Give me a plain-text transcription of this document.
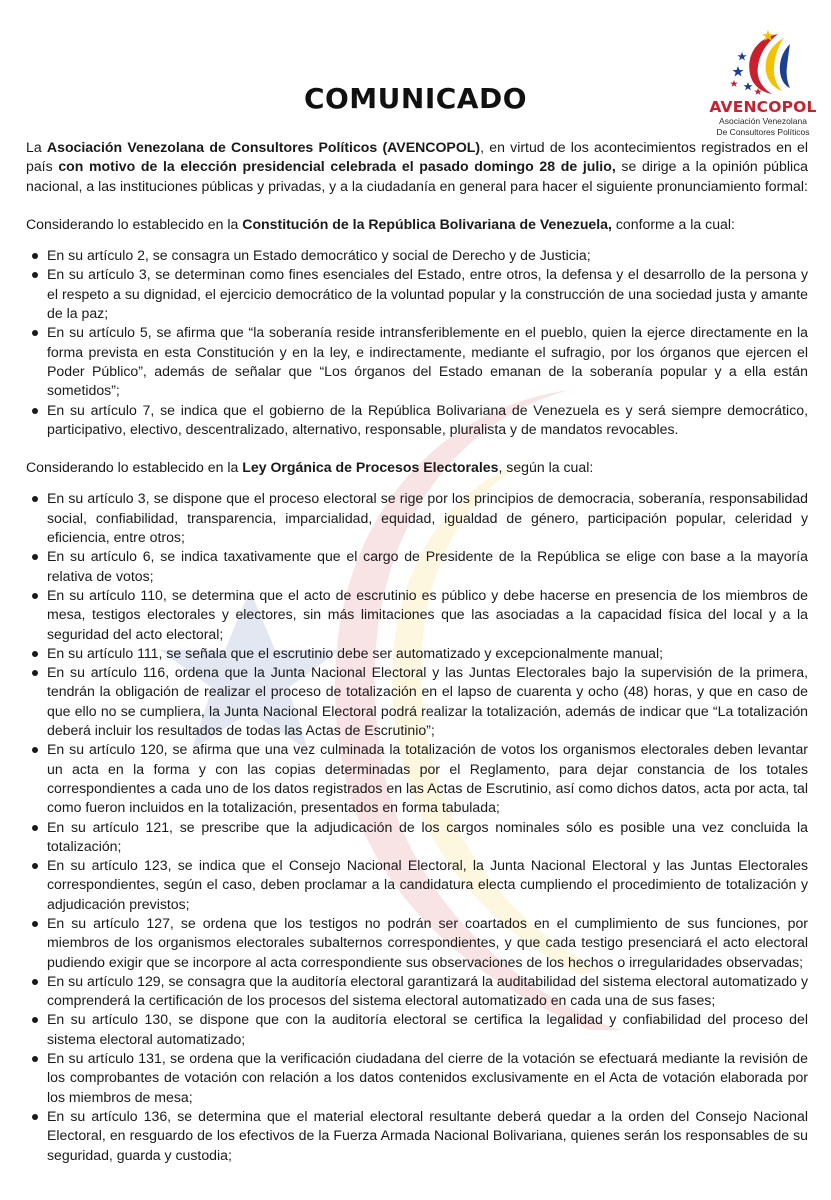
AVENCOPOL
Asociación Venezolana
De Consultores Políticos
COMUNICADO

La Asociación Venezolana de Consultores Políticos (AVENCOPOL), en virtud de los acontecimientos registrados en el país con motivo de la elección presidencial celebrada el pasado domingo 28 de julio, se dirige a la opinión pública nacional, a las instituciones públicas y privadas, y a la ciudadanía en general para hacer el siguiente pronunciamiento formal:

Considerando lo establecido en la Constitución de la República Bolivariana de Venezuela, conforme a la cual:

En su artículo 2, se consagra un Estado democrático y social de Derecho y de Justicia;
En su artículo 3, se determinan como fines esenciales del Estado, entre otros, la defensa y el desarrollo de la persona y el respeto a su dignidad, el ejercicio democrático de la voluntad popular y la construcción de una sociedad justa y amante de la paz;
En su artículo 5, se afirma que “la soberanía reside intransferiblemente en el pueblo, quien la ejerce directamente en la forma prevista en esta Constitución y en la ley, e indirectamente, mediante el sufragio, por los órganos que ejercen el Poder Público”, además de señalar que “Los órganos del Estado emanan de la soberanía popular y a ella están sometidos”;
En su artículo 7, se indica que el gobierno de la República Bolivariana de Venezuela es y será siempre democrático, participativo, electivo, descentralizado, alternativo, responsable, pluralista y de mandatos revocables.

Considerando lo establecido en la Ley Orgánica de Procesos Electorales, según la cual:

En su artículo 3, se dispone que el proceso electoral se rige por los principios de democracia, soberanía, responsabilidad social, confiabilidad, transparencia, imparcialidad, equidad, igualdad de género, participación popular, celeridad y eficiencia, entre otros;
En su artículo 6, se indica taxativamente que el cargo de Presidente de la República se elige con base a la mayoría relativa de votos;
En su artículo 110, se determina que el acto de escrutinio es público y debe hacerse en presencia de los miembros de mesa, testigos electorales y electores, sin más limitaciones que las asociadas a la capacidad física del local y a la seguridad del acto electoral;
En su artículo 111, se señala que el escrutinio debe ser automatizado y excepcionalmente manual;
En su artículo 116, ordena que la Junta Nacional Electoral y las Juntas Electorales bajo la supervisión de la primera, tendrán la obligación de realizar el proceso de totalización en el lapso de cuarenta y ocho (48) horas, y que en caso de que ello no se cumpliera, la Junta Nacional Electoral podrá realizar la totalización, además de indicar que “La totalización deberá incluir los resultados de todas las Actas de Escrutinio”;
En su artículo 120, se afirma que una vez culminada la totalización de votos los organismos electorales deben levantar un acta en la forma y con las copias determinadas por el Reglamento, para dejar constancia de los totales correspondientes a cada uno de los datos registrados en las Actas de Escrutinio, así como dichos datos, acta por acta, tal como fueron incluidos en la totalización, presentados en forma tabulada;
En su artículo 121, se prescribe que la adjudicación de los cargos nominales sólo es posible una vez concluida la totalización;
En su artículo 123, se indica que el Consejo Nacional Electoral, la Junta Nacional Electoral y las Juntas Electorales correspondientes, según el caso, deben proclamar a la candidatura electa cumpliendo el procedimiento de totalización y adjudicación previstos;
En su artículo 127, se ordena que los testigos no podrán ser coartados en el cumplimiento de sus funciones, por miembros de los organismos electorales subalternos correspondientes, y que cada testigo presenciará el acto electoral pudiendo exigir que se incorpore al acta correspondiente sus observaciones de los hechos o irregularidades observadas;
En su artículo 129, se consagra que la auditoría electoral garantizará la auditabilidad del sistema electoral automatizado y comprenderá la certificación de los procesos del sistema electoral automatizado en cada una de sus fases;
En su artículo 130, se dispone que con la auditoría electoral se certifica la legalidad y confiabilidad del proceso del sistema electoral automatizado;
En su artículo 131, se ordena que la verificación ciudadana del cierre de la votación se efectuará mediante la revisión de los comprobantes de votación con relación a los datos contenidos exclusivamente en el Acta de votación elaborada por los miembros de mesa;
En su artículo 136, se determina que el material electoral resultante deberá quedar a la orden del Consejo Nacional Electoral, en resguardo de los efectivos de la Fuerza Armada Nacional Bolivariana, quienes serán los responsables de su seguridad, guarda y custodia;
